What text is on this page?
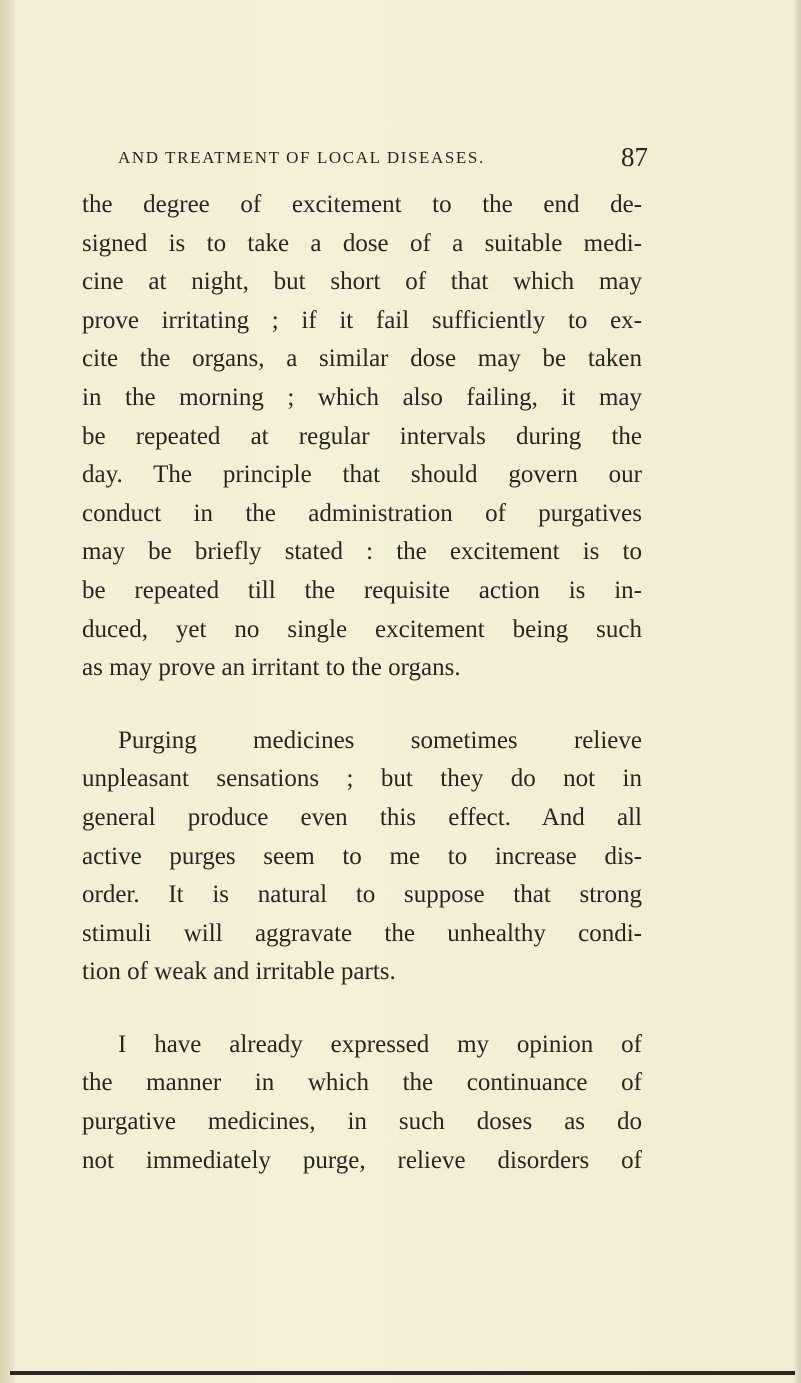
AND TREATMENT OF LOCAL DISEASES.	87

the degree of excitement to the end de-
signed is to take a dose of a suitable medi-
cine at night, but short of that which may
prove irritating ; if it fail sufficiently to ex-
cite the organs, a similar dose may be taken
in the morning ; which also failing, it may
be repeated at regular intervals during the
day. The principle that should govern our
conduct in the administration of purgatives
may be briefly stated : the excitement is to
be repeated till the requisite action is in-
duced, yet no single excitement being such
as may prove an irritant to the organs.

Purging medicines sometimes relieve
unpleasant sensations ; but they do not in
general produce even this effect. And all
active purges seem to me to increase dis-
order. It is natural to suppose that strong
stimuli will aggravate the unhealthy condi-
tion of weak and irritable parts.

I have already expressed my opinion of
the manner in which the continuance of
purgative medicines, in such doses as do
not immediately purge, relieve disorders of
